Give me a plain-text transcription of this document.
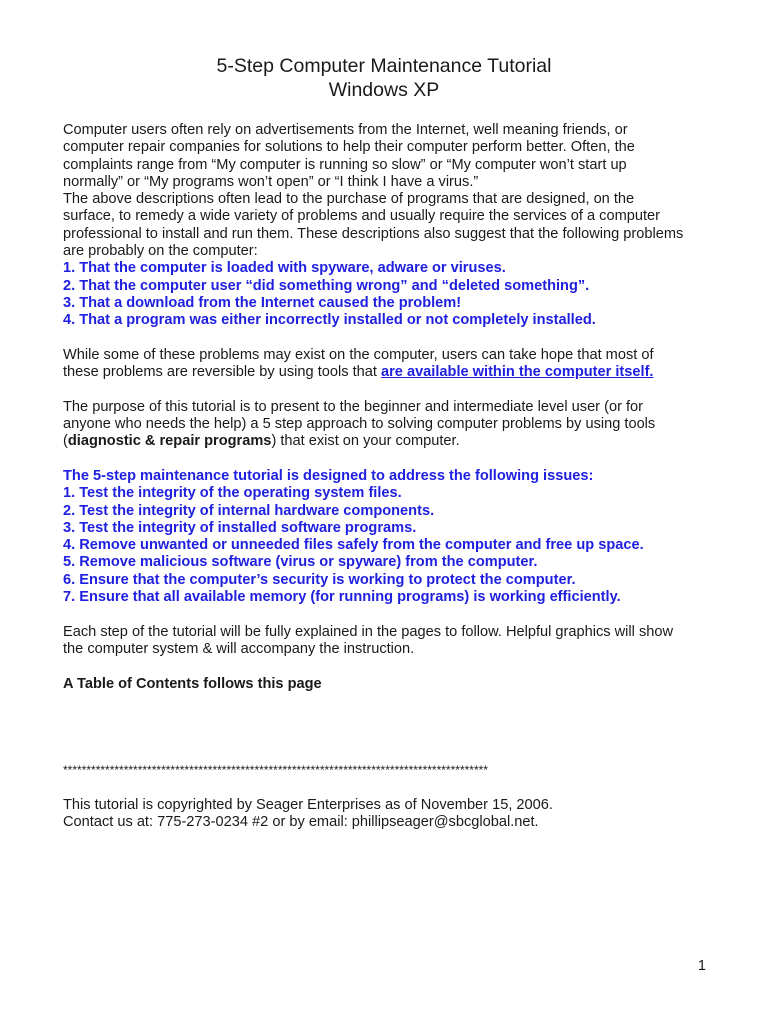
5-Step Computer Maintenance Tutorial
Windows XP

Computer users often rely on advertisements from the Internet, well meaning friends, or

computer repair companies for solutions to help their computer perform better. Often, the

complaints range from “My computer is running so slow” or “My computer won’t start up

normally” or “My programs won’t open” or “I think I have a virus.”

The above descriptions often lead to the purchase of programs that are designed, on the

surface, to remedy a wide variety of problems and usually require the services of a computer

professional to install and run them. These descriptions also suggest that the following problems

are probably on the computer:

1. That the computer is loaded with spyware, adware or viruses.

2. That the computer user “did something wrong” and “deleted something”.

3. That a download from the Internet caused the problem!

4. That a program was either incorrectly installed or not completely installed.

While some of these problems may exist on the computer, users can take hope that most of

these problems are reversible by using tools that are available within the computer itself.

The purpose of this tutorial is to present to the beginner and intermediate level user (or for

anyone who needs the help) a 5 step approach to solving computer problems by using tools

(diagnostic & repair programs) that exist on your computer.

The 5-step maintenance tutorial is designed to address the following issues:

1. Test the integrity of the operating system files.

2. Test the integrity of internal hardware components.

3. Test the integrity of installed software programs.

4. Remove unwanted or unneeded files safely from the computer and free up space.

5. Remove malicious software (virus or spyware) from the computer.

6. Ensure that the computer’s security is working to protect the computer.

7. Ensure that all available memory (for running programs) is working efficiently.

Each step of the tutorial will be fully explained in the pages to follow. Helpful graphics will show

the computer system & will accompany the instruction.

A Table of Contents follows this page

*******************************************************************************************

This tutorial is copyrighted by Seager Enterprises as of November 15, 2006.

Contact us at: 775-273-0234 #2 or by email: phillipseager@sbcglobal.net.

1
